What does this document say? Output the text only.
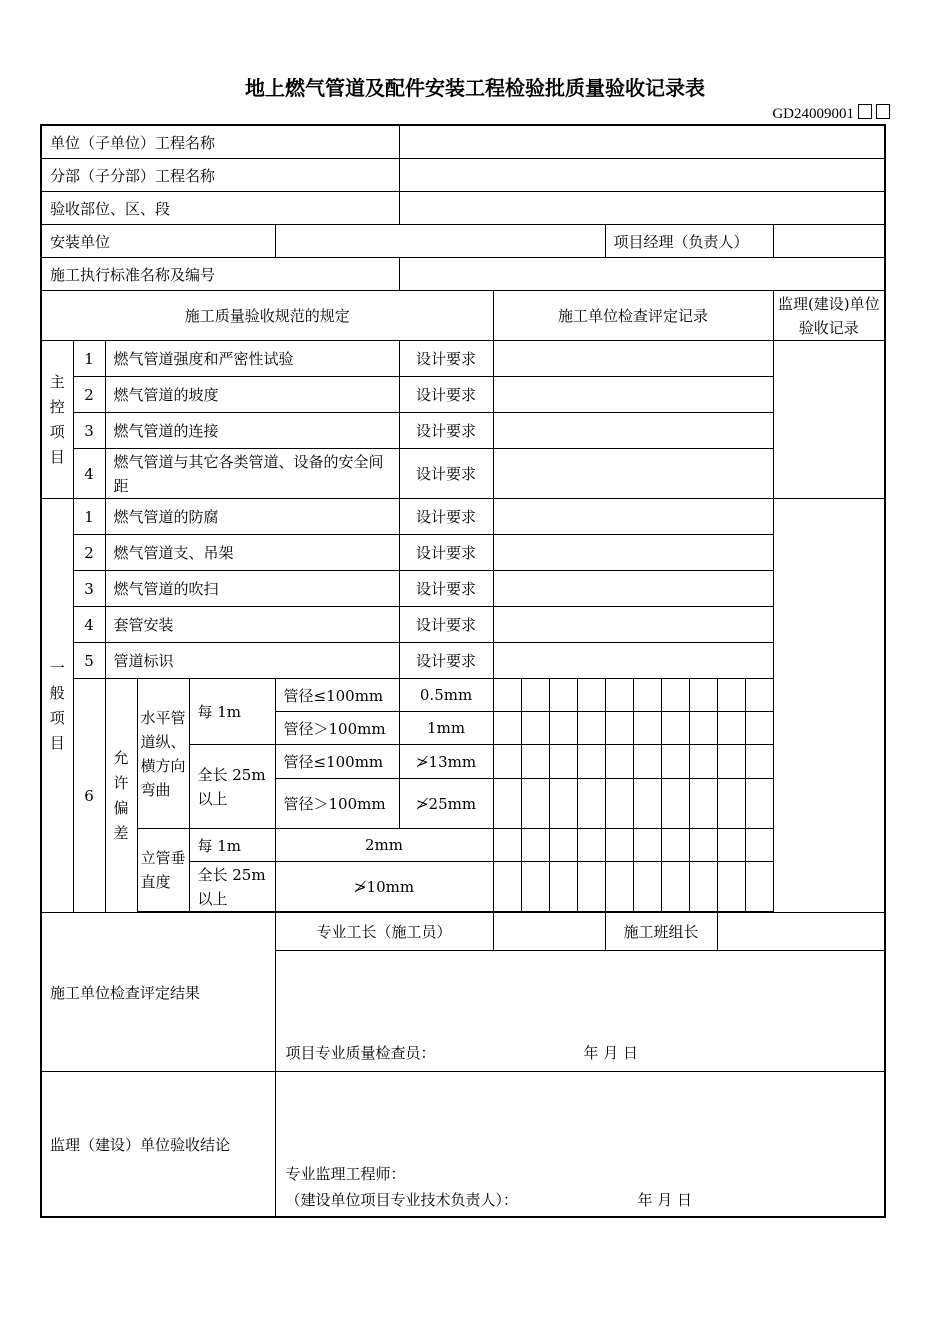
地上燃气管道及配件安装工程检验批质量验收记录表
GD24009001
单位（子单位）工程名称																	
分部（子分部）工程名称																	
验收部位、区、段																	
安装单位											项目经理（负责人）						
施工执行标准名称及编号																	
施工质量验收规范的规定							施工单位检查评定记录										监理(建设)单位验收记录

主
控
项
目	1	燃气管道强度和严密性试验				设计要求											
	2	燃气管道的坡度				设计要求											
	3	燃气管道的连接				设计要求											
	4	燃气管道与其它各类管道、设备的安全间距				设计要求											

一
般
项
目	1	燃气管道的防腐				设计要求											
	2	燃气管道支、吊架				设计要求											
	3	燃气管道的吹扫				设计要求											
	4	套管安装				设计要求											
	5	管道标识				设计要求											
	6	允
许
偏
差	水平管道纵、横方向弯曲	每 1m	管径≤100mm	0.5mm											
					管径＞100mm	1mm											
				全长 25m 以上	管径≤100mm	≯13mm											
					管径＞100mm	≯25mm											
			立管垂直度	每 1m	2mm												
				全长 25m 以上	≯10mm												

施工单位检查评定结果					专业工长（施工员）						施工班组长						

					项目专业质量检查员： 年 月 日												

监理（建设）单位验收结论					专业监理工程师：
（建设单位项目专业技术负责人）： 年 月 日												
